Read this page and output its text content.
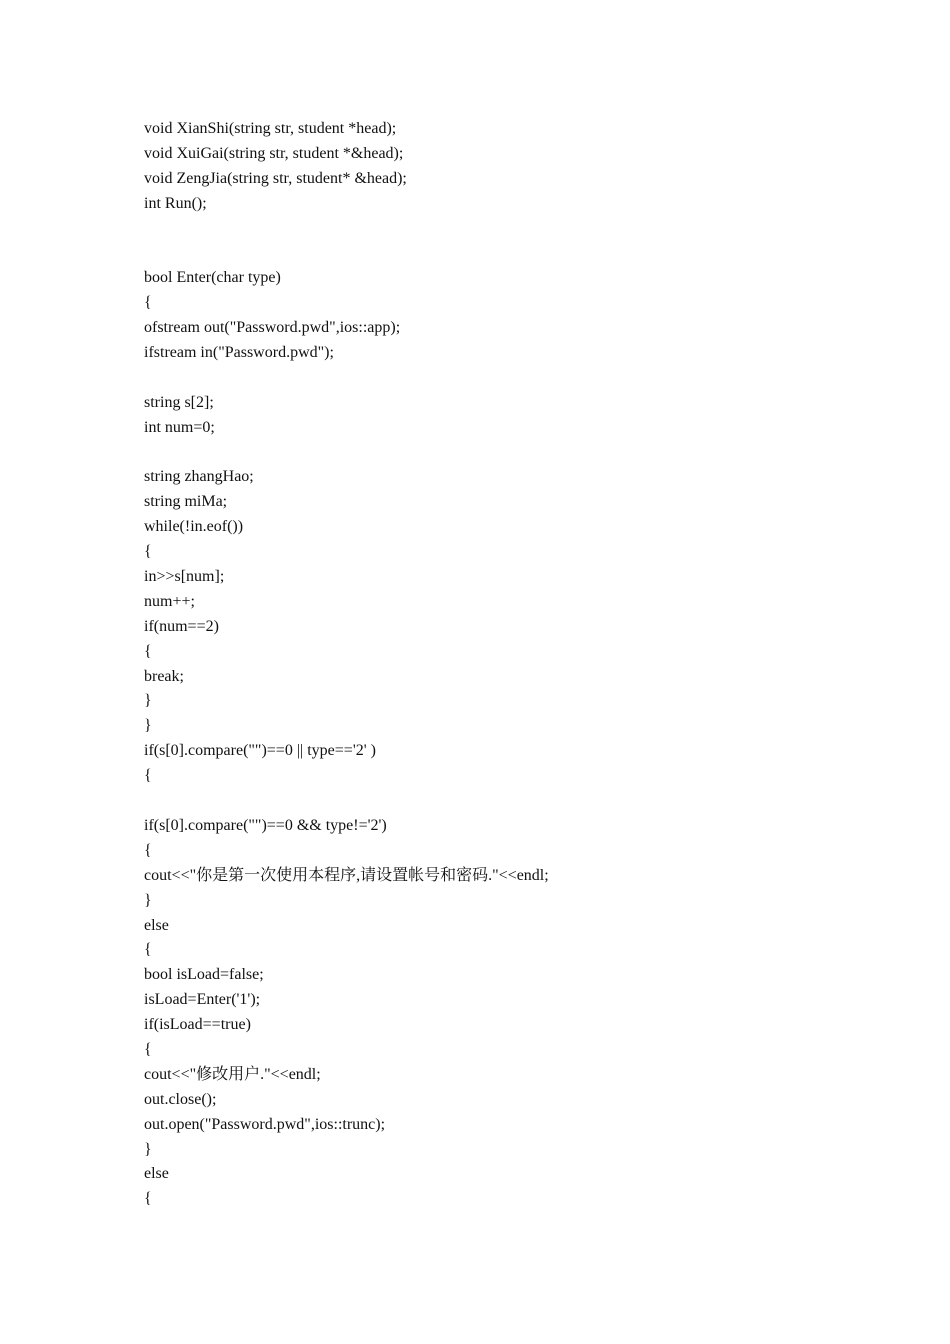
void XianShi(string str, student *head);
void XuiGai(string str, student *&head);
void ZengJia(string str, student* &head);
int Run();
bool Enter(char type)
{
ofstream out("Password.pwd",ios::app);
ifstream in("Password.pwd");
string s[2];
int num=0;
string zhangHao;
string miMa;
while(!in.eof())
{
in>>s[num];
num++;
if(num==2)
{
break;
}
}
if(s[0].compare("")==0 || type=='2' )
{
if(s[0].compare("")==0 && type!='2')
{
cout<<"你是第一次使用本程序,请设置帐号和密码."<<endl;
}
else
{
bool isLoad=false;
isLoad=Enter('1');
if(isLoad==true)
{
cout<<"修改用户."<<endl;
out.close();
out.open("Password.pwd",ios::trunc);
}
else
{
